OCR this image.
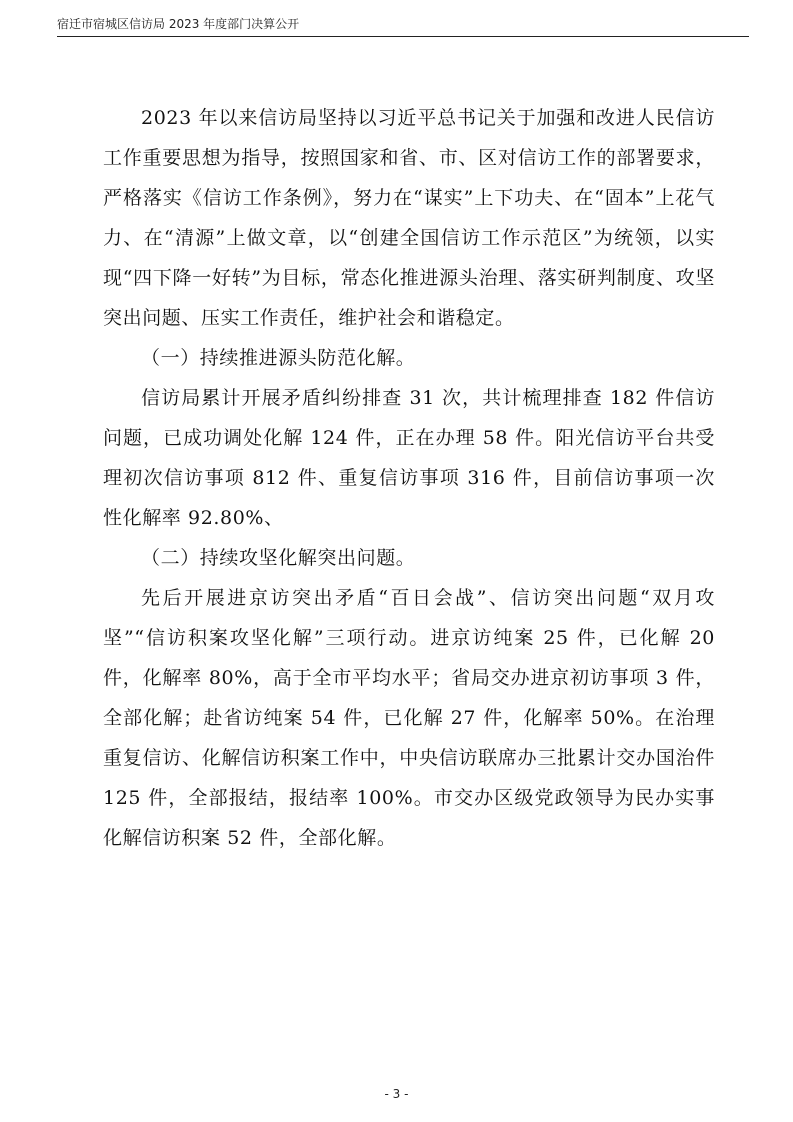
宿迁市宿城区信访局 2023 年度部门决算公开

2023 年以来信访局坚持以习近平总书记关于加强和改进人民信访工作重要思想为指导，按照国家和省、市、区对信访工作的部署要求，严格落实《信访工作条例》，努力在“谋实”上下功夫、在“固本”上花气力、在“清源”上做文章，以“创建全国信访工作示范区”为统领，以实现“四下降一好转”为目标，常态化推进源头治理、落实研判制度、攻坚突出问题、压实工作责任，维护社会和谐稳定。

（一）持续推进源头防范化解。

信访局累计开展矛盾纠纷排查 31 次，共计梳理排查 182 件信访问题，已成功调处化解 124 件，正在办理 58 件。阳光信访平台共受理初次信访事项 812 件、重复信访事项 316 件，目前信访事项一次性化解率 92.80%、

（二）持续攻坚化解突出问题。

先后开展进京访突出矛盾“百日会战”、信访突出问题“双月攻坚”“信访积案攻坚化解”三项行动。进京访纯案 25 件，已化解 20 件，化解率 80%，高于全市平均水平；省局交办进京初访事项 3 件，全部化解；赴省访纯案 54 件，已化解 27 件，化解率 50%。在治理重复信访、化解信访积案工作中，中央信访联席办三批累计交办国治件 125 件，全部报结，报结率 100%。市交办区级党政领导为民办实事化解信访积案 52 件，全部化解。

- 3 -
